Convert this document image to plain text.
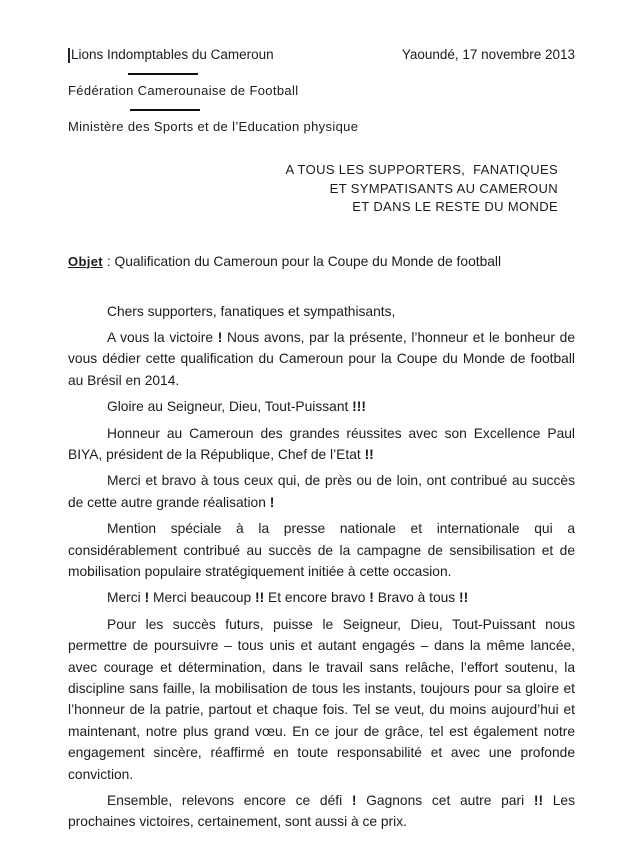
Lions Indomptables du Cameroun	Yaoundé, 17 novembre 2013
Fédération Camerounaise de Football
Ministère des Sports et de l’Education physique
A TOUS LES SUPPORTERS,  FANATIQUES
ET SYMPATISANTS AU CAMEROUN
ET DANS LE RESTE DU MONDE
Objet : Qualification du Cameroun pour la Coupe du Monde de football

Chers supporters, fanatiques et sympathisants,

A vous la victoire ! Nous avons, par la présente, l’honneur et le bonheur de vous dédier cette qualification du Cameroun pour la Coupe du Monde de football au Brésil en 2014.

Gloire au Seigneur, Dieu, Tout-Puissant !!!

Honneur au Cameroun des grandes réussites avec son Excellence Paul BIYA, président de la République, Chef de l’Etat !!

Merci et bravo à tous ceux qui, de près ou de loin, ont contribué au succès de cette autre grande réalisation !

Mention spéciale à la presse nationale et internationale qui a considérablement contribué au succès de la campagne de sensibilisation et de mobilisation populaire stratégiquement initiée à cette occasion.

Merci ! Merci beaucoup !! Et encore bravo ! Bravo à tous !!

Pour les succès futurs, puisse le Seigneur, Dieu, Tout-Puissant nous permettre de poursuivre – tous unis et autant engagés – dans la même lancée, avec courage et détermination, dans le travail sans relâche, l’effort soutenu, la discipline sans faille, la mobilisation de tous les instants, toujours pour sa gloire et l’honneur de la patrie, partout et chaque fois. Tel se veut, du moins aujourd’hui et maintenant, notre plus grand vœu. En ce jour de grâce, tel est également notre engagement sincère, réaffirmé en toute responsabilité et avec une profonde conviction.

Ensemble, relevons encore ce défi ! Gagnons cet autre pari !! Les prochaines victoires, certainement, sont aussi à ce prix.
